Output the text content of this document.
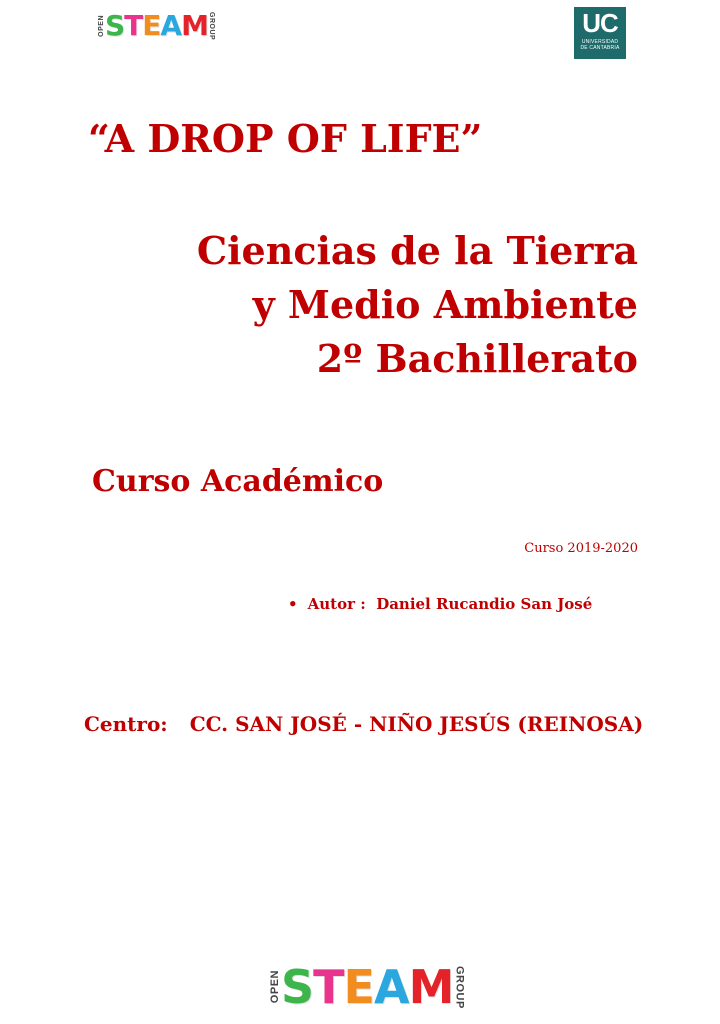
OPEN S T E A M GROUP	UC
UNIVERSIDAD
DE CANTABRIA
“A DROP OF LIFE”
Ciencias de la Tierra
y Medio Ambiente
2º Bachillerato
Curso Académico
Curso 2019-2020
• Autor : Daniel Rucandio San José
Centro: CC. SAN JOSÉ - NIÑO JESÚS (REINOSA)
OPEN S T E A M GROUP
